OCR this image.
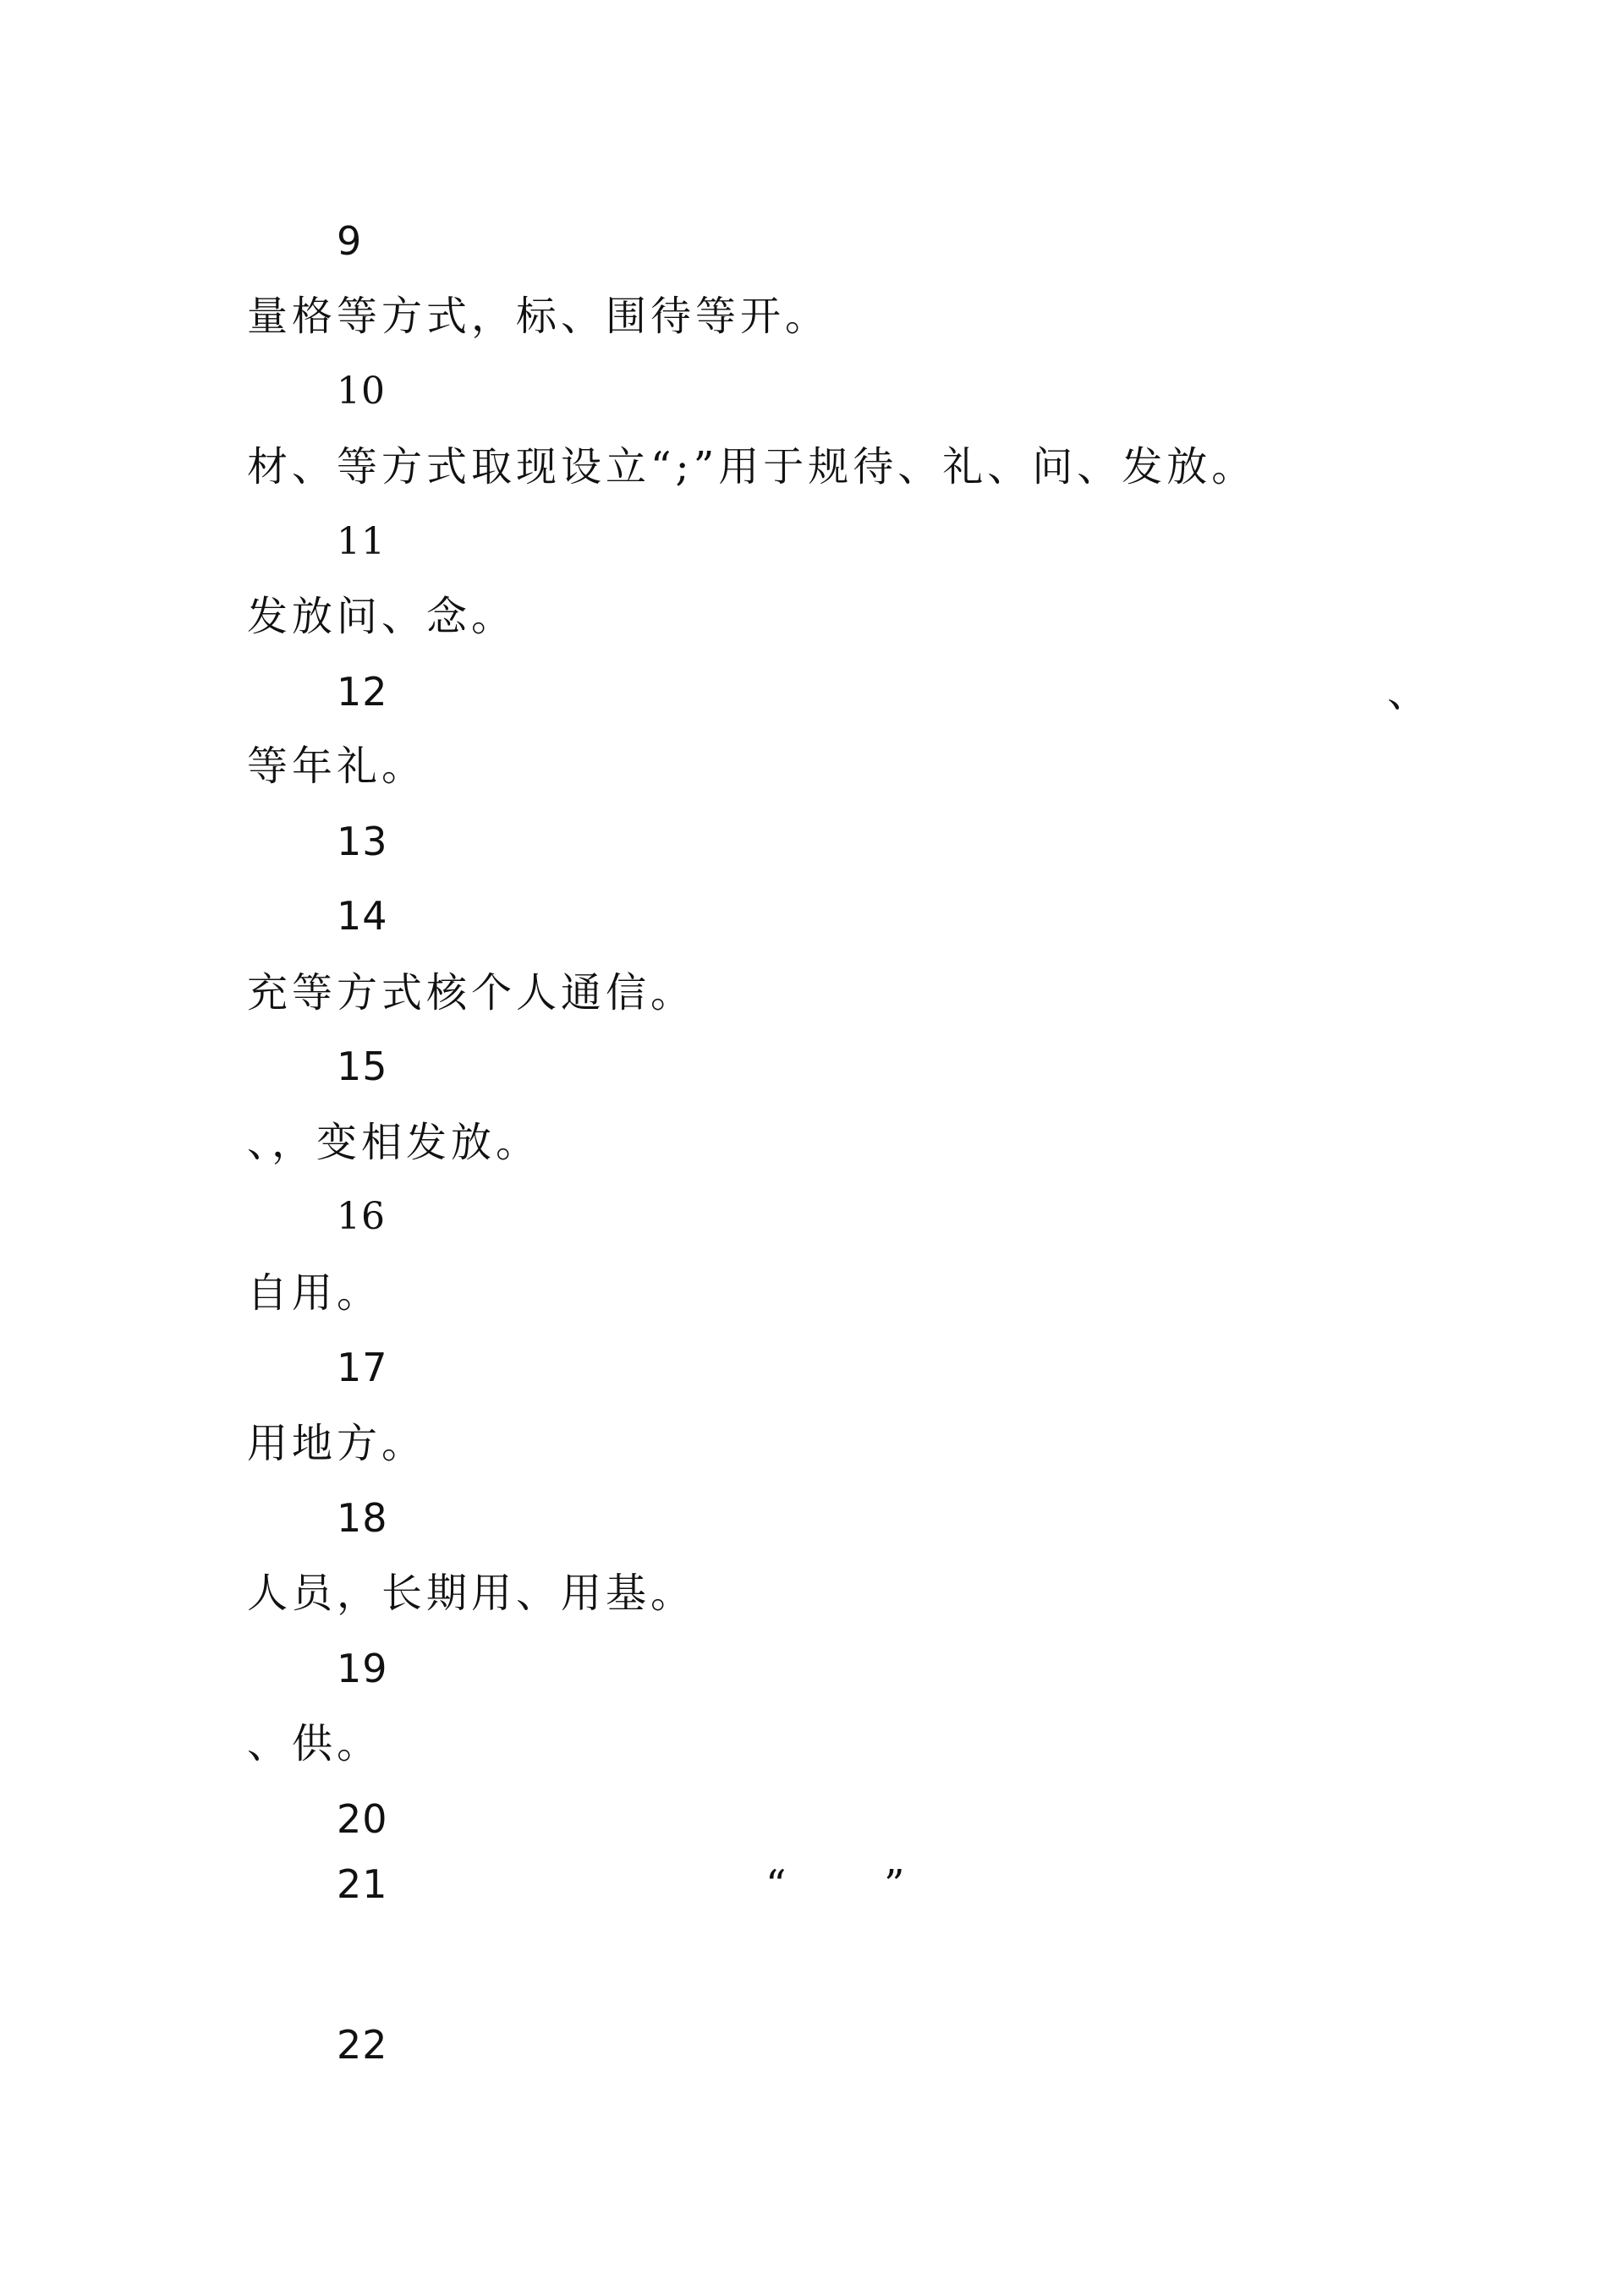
9
量格等方式，标、围待等开。
10
材、等方式取现设立“;”用于规待、礼、问、发放。
11
发放问、念。
12	、
等年礼。
13
14
充等方式核个人通信。
15
、，变相发放。
16
自用。
17
用地方。
18
人员，长期用、用基。
19
、供。
20
21	“ ”
22
